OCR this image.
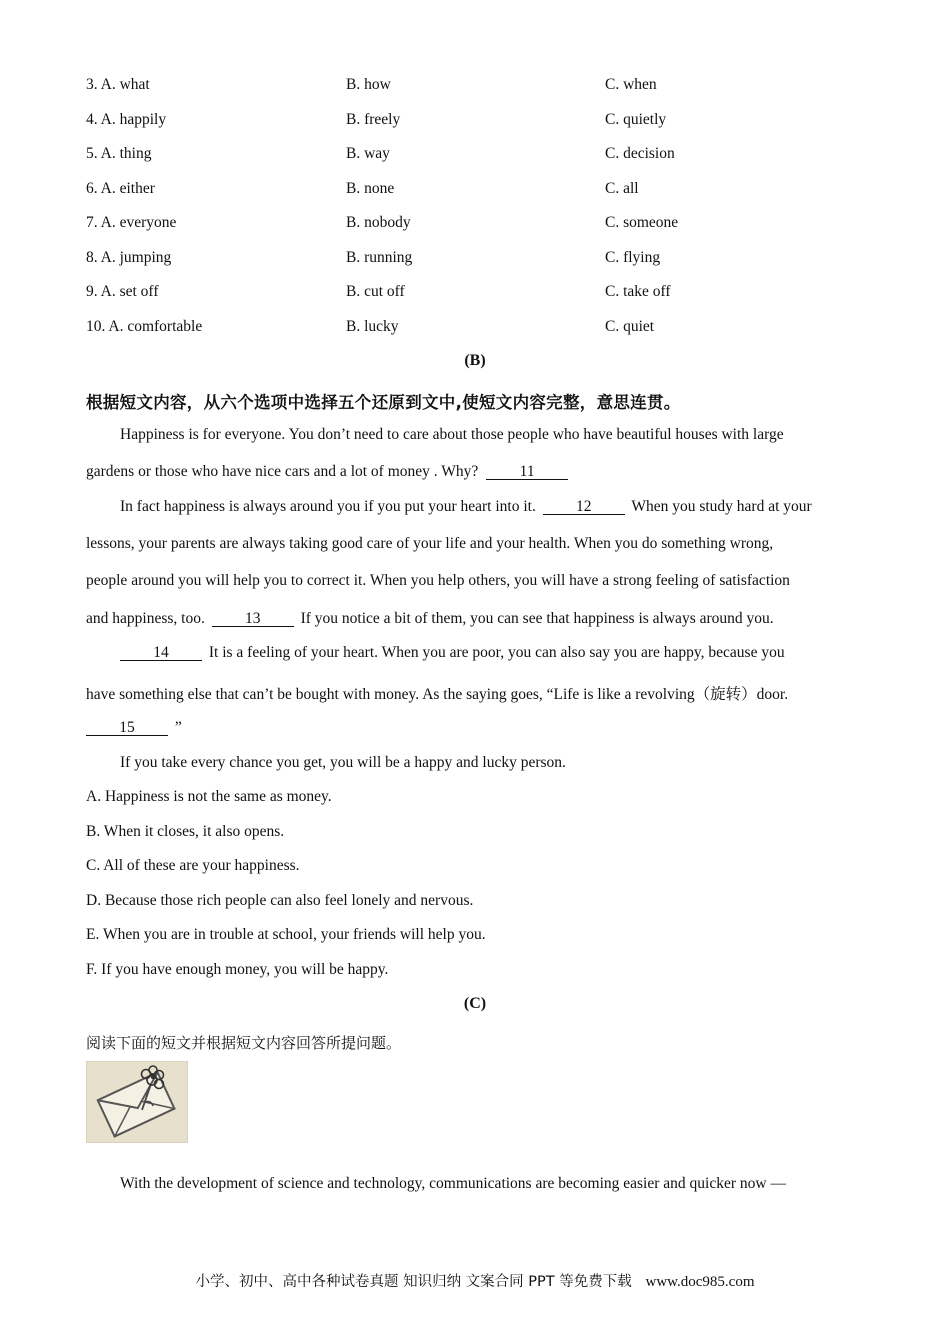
3. A. what	B. how	C. when
4. A. happily	B. freely	C. quietly
5. A. thing	B. way	C. decision
6. A. either	B. none	C. all
7. A. everyone	B. nobody	C. someone
8. A. jumping	B. running	C. flying
9. A. set off	B. cut off	C. take off
10. A. comfortable	B. lucky	C. quiet
(B)
根据短文内容，从六个选项中选择五个还原到文中,使短文内容完整，意思连贯。
Happiness is for everyone. You don’t need to care about those people who have beautiful houses with large
gardens or those who have nice cars and a lot of money . Why?	11
In fact happiness is always around you if you put your heart into it.	12	When you study hard at your
lessons, your parents are always taking good care of your life and your health. When you do something wrong,
people around you will help you to correct it. When you help others, you will have a strong feeling of satisfaction
and happiness, too.	13	If you notice a bit of them, you can see that happiness is always around you.
14	It is a feeling of your heart. When you are poor, you can also say you are happy, because you
have something else that can’t be bought with money. As the saying goes, “Life is like a revolving（旋转）door.
15	”
If you take every chance you get, you will be a happy and lucky person.
A. Happiness is not the same as money.
B. When it closes, it also opens.
C. All of these are your happiness.
D. Because those rich people can also feel lonely and nervous.
E. When you are in trouble at school, your friends will help you.
F. If you have enough money, you will be happy.
(C)
阅读下面的短文并根据短文内容回答所提问题。
With the development of science and technology, communications are becoming easier and quicker now —
小学、初中、高中各种试卷真题 知识归纳 文案合同 PPT 等免费下载 www.doc985.com
